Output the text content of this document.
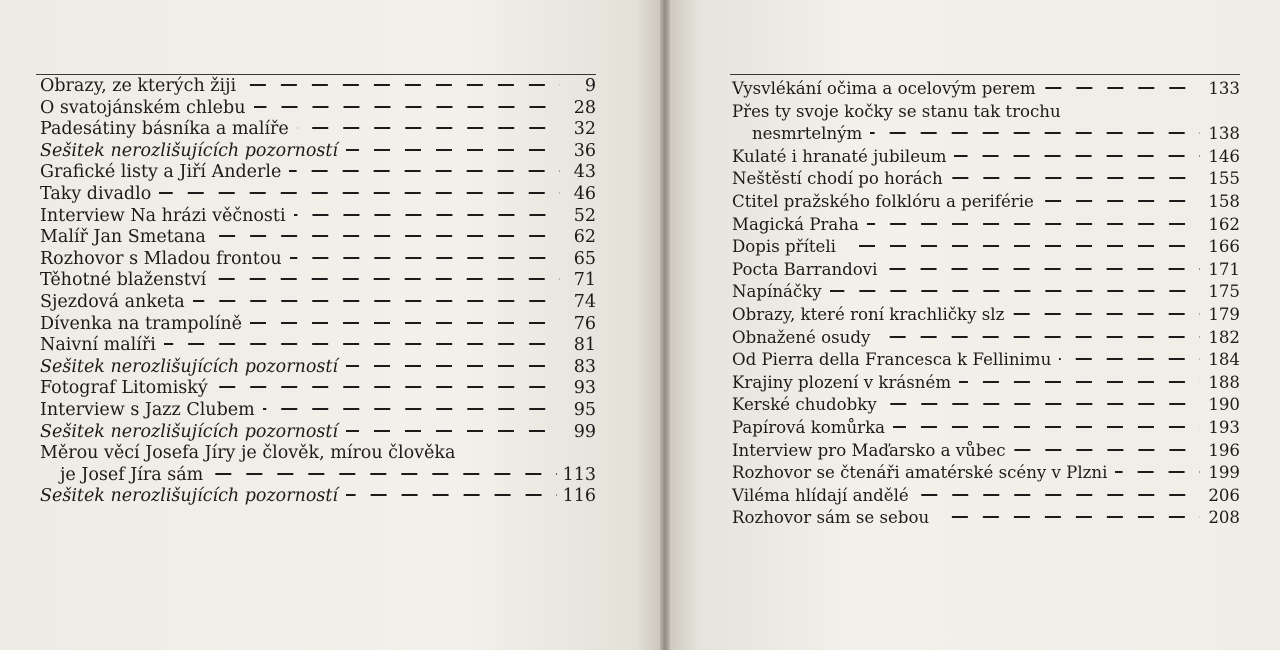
Obrazy, ze kterých žiji	9
O svatojánském chlebu	28
Padesátiny básníka a malíře	32
Sešitek nerozlišujících pozorností	36
Grafické listy a Jiří Anderle	43
Taky divadlo	46
Interview Na hrázi věčnosti	52
Malíř Jan Smetana	62
Rozhovor s Mladou frontou	65
Těhotné blaženství	71
Sjezdová anketa	74
Dívenka na trampolíně	76
Naivní malíři	81
Sešitek nerozlišujících pozorností	83
Fotograf Litomiský	93
Interview s Jazz Clubem	95
Sešitek nerozlišujících pozorností	99
Měrou věcí Josefa Jíry je člověk, mírou člověka
je Josef Jíra sám	113
Sešitek nerozlišujících pozorností	116
Vysvlékání očima a ocelovým perem	133
Přes ty svoje kočky se stanu tak trochu
nesmrtelným	138
Kulaté i hranaté jubileum	146
Neštěstí chodí po horách	155
Ctitel pražského folklóru a periférie	158
Magická Praha	162
Dopis příteli	166
Pocta Barrandovi	171
Napínáčky	175
Obrazy, které roní krachličky slz	179
Obnažené osudy	182
Od Pierra della Francesca k Fellinimu	184
Krajiny plození v krásném	188
Kerské chudobky	190
Papírová komůrka	193
Interview pro Maďarsko a vůbec	196
Rozhovor se čtenáři amatérské scény v Plzni	199
Viléma hlídají andělé	206
Rozhovor sám se sebou	208
